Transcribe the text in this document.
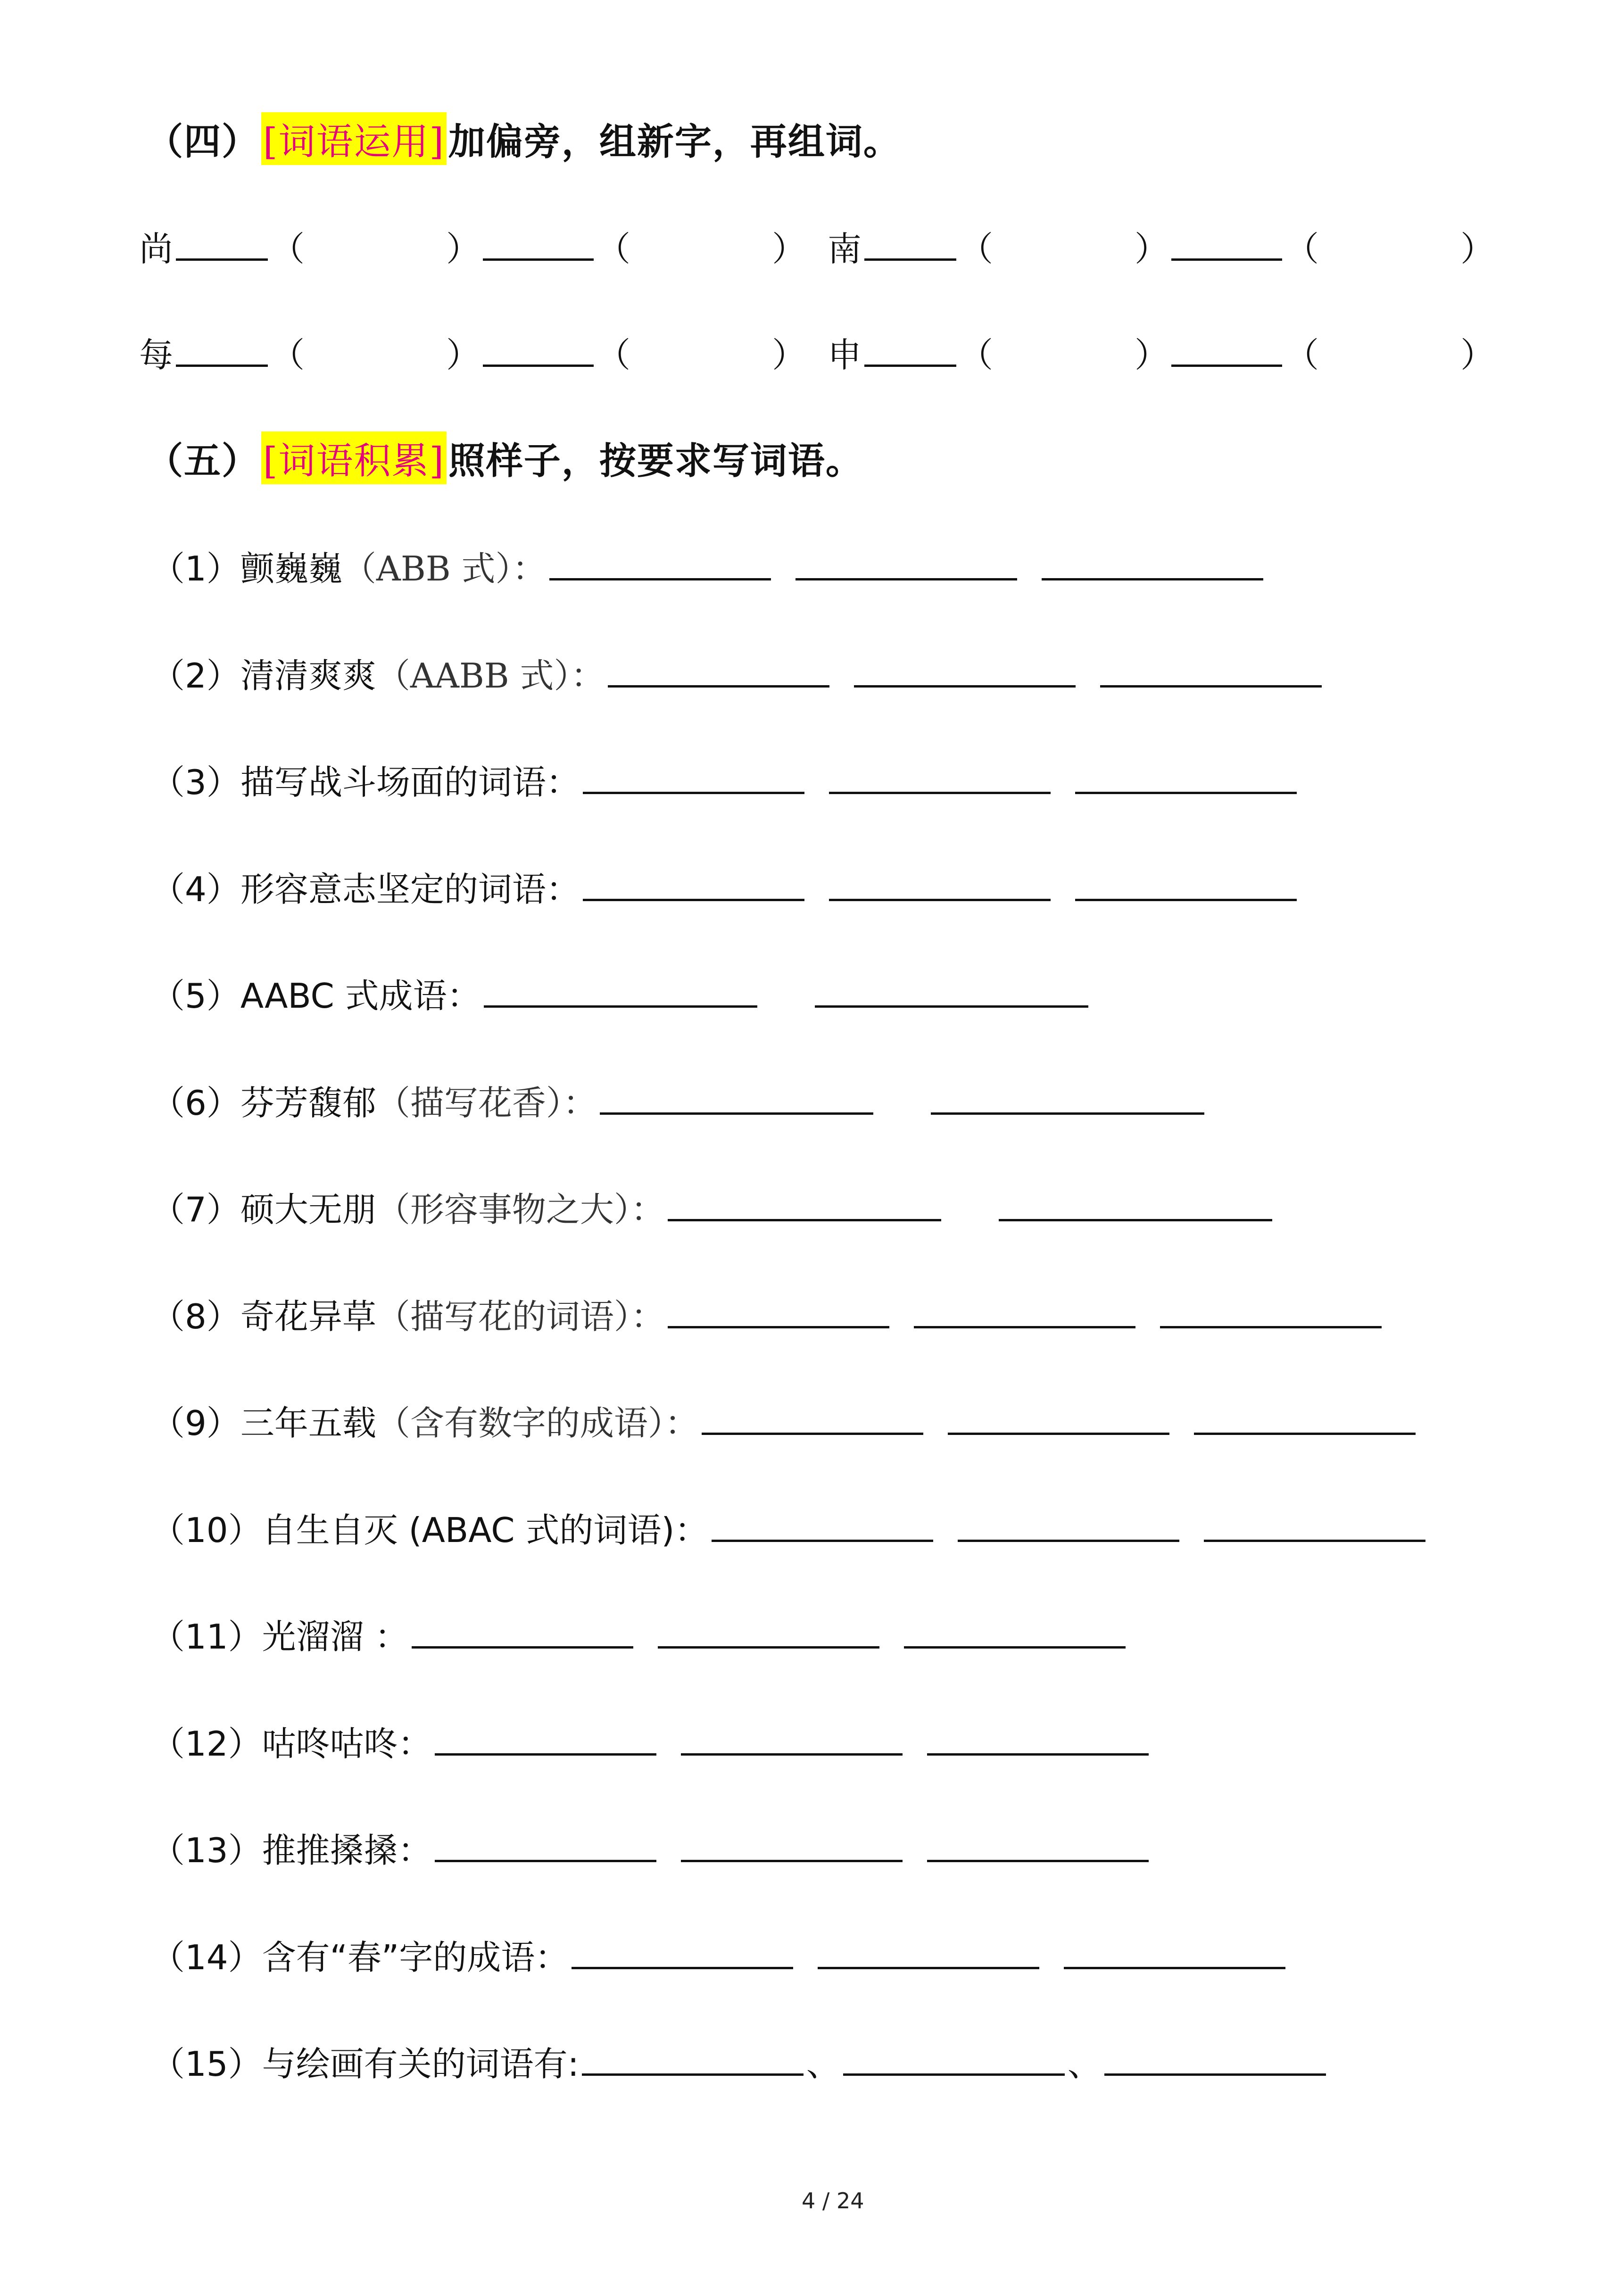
（四） [词语运用] 加偏旁，组新字，再组词。
尚	（	）	（	） 南	（	）	（	）
每	（	）	（	） 申	（	）	（	）
（五） [词语积累] 照样子，按要求写词语。
（1）颤巍巍（ABB 式）：
（2）清清爽爽（AABB 式）：
（3）描写战斗场面的词语：
（4）形容意志坚定的词语：
（5）AABC 式成语：
（6）芬芳馥郁（描写花香）：
（7）硕大无朋（形容事物之大）：
（8）奇花异草（描写花的词语）：
（9）三年五载（含有数字的成语）：
（10）自生自灭 (ABAC 式的词语)：
（11）光溜溜 ：
（12）咕咚咕咚：
（13）推推搡搡：
（14）含有“春”字的成语：
（15）与绘画有关的词语有:	、	、
4 / 24
